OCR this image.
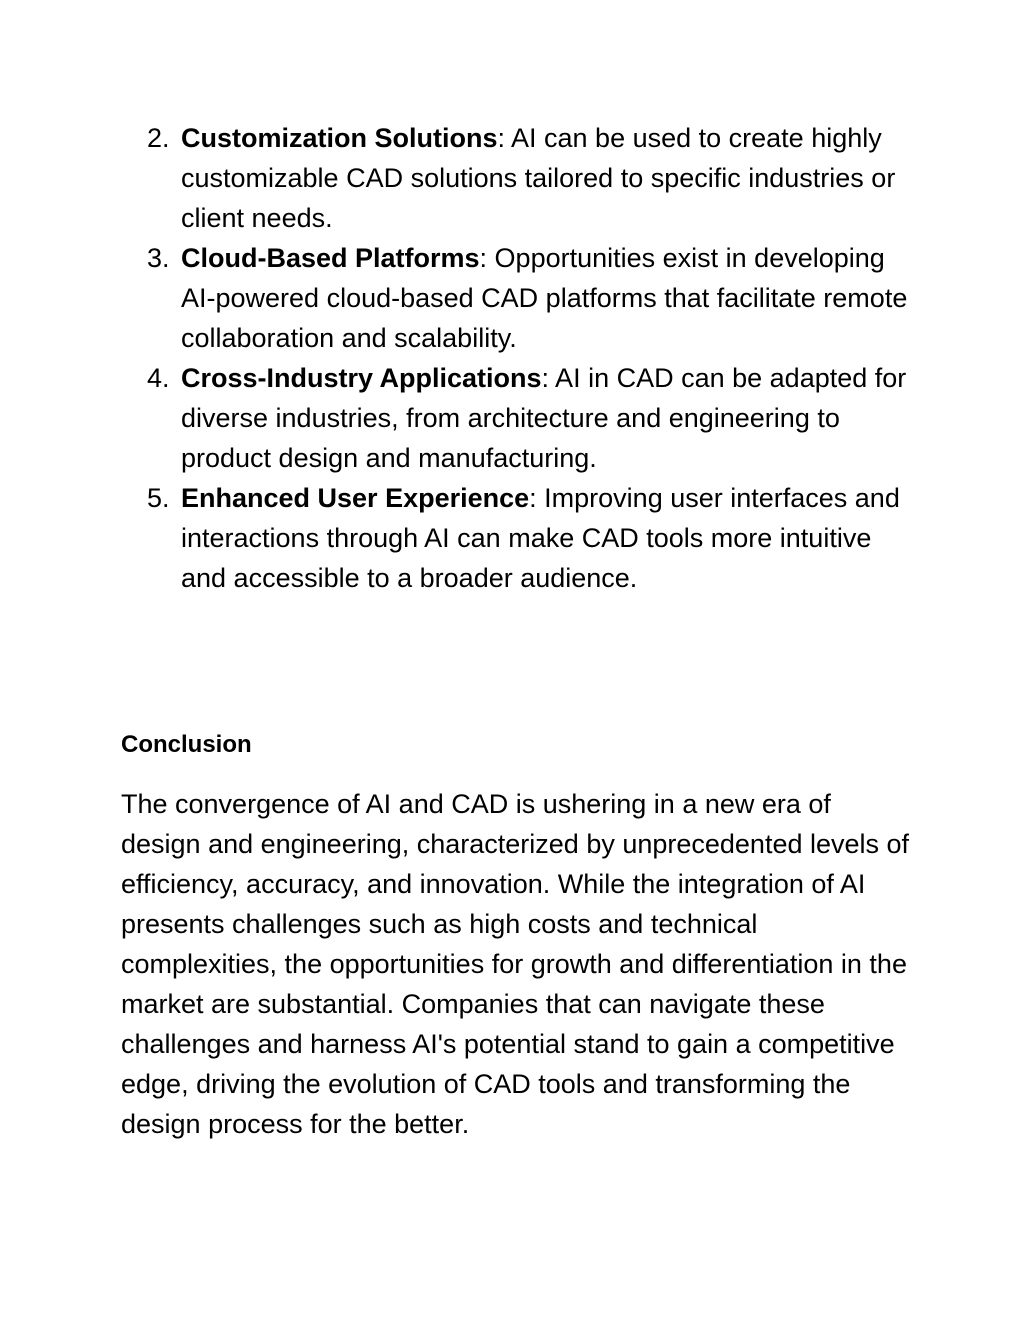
2. Customization Solutions: AI can be used to create highly customizable CAD solutions tailored to specific industries or client needs.
3. Cloud-Based Platforms: Opportunities exist in developing AI-powered cloud-based CAD platforms that facilitate remote collaboration and scalability.
4. Cross-Industry Applications: AI in CAD can be adapted for diverse industries, from architecture and engineering to product design and manufacturing.
5. Enhanced User Experience: Improving user interfaces and interactions through AI can make CAD tools more intuitive and accessible to a broader audience.
Conclusion

The convergence of AI and CAD is ushering in a new era of design and engineering, characterized by unprecedented levels of efficiency, accuracy, and innovation. While the integration of AI presents challenges such as high costs and technical complexities, the opportunities for growth and differentiation in the market are substantial. Companies that can navigate these challenges and harness AI's potential stand to gain a competitive edge, driving the evolution of CAD tools and transforming the design process for the better.
